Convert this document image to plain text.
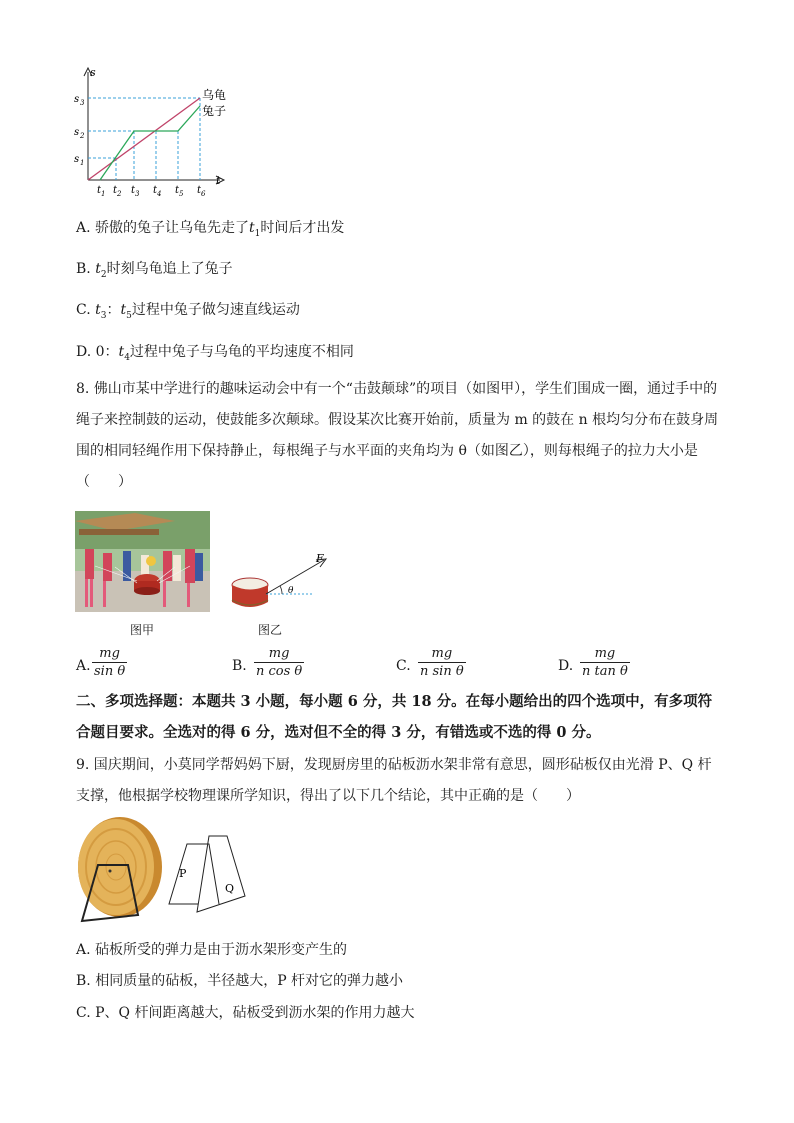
s
t
s 3
s 2
s 1
t 1 t 2 t 3 t 4 t 5 t 6
乌龟
兔子
A. 骄傲的兔子让乌龟先走了$t_1$时间后才出发
B. $t_2$时刻乌龟追上了兔子
C. $t_3$：$t_5$过程中兔子做匀速直线运动
D. 0：$t_4$过程中兔子与乌龟的平均速度不相同
8. 佛山市某中学进行的趣味运动会中有一个“击鼓颠球”的项目（如图甲），学生们围成一圈，通过手中的绳子来控制鼓的运动，使鼓能多次颠球。假设某次比赛开始前，质量为 m 的鼓在 n 根均匀分布在鼓身周围的相同轻绳作用下保持静止，每根绳子与水平面的夹角均为 θ（如图乙），则每根绳子的拉力大小是（　　）
图甲
F
θ
图乙
A.
mg
sin θ	B.
mg
n cos θ	C.
mg
n sin θ	D.
mg
n tan θ
二、多项选择题：本题共 3 小题，每小题 6 分，共 18 分。在每小题给出的四个选项中，有多项符合题目要求。全选对的得 6 分，选对但不全的得 3 分，有错选或不选的得 0 分。
9. 国庆期间，小莫同学帮妈妈下厨，发现厨房里的砧板沥水架非常有意思，圆形砧板仅由光滑 P、Q 杆支撑，他根据学校物理课所学知识，得出了以下几个结论，其中正确的是（　　）
P
Q
A. 砧板所受的弹力是由于沥水架形变产生的
B. 相同质量的砧板，半径越大，P 杆对它的弹力越小
C. P、Q 杆间距离越大，砧板受到沥水架的作用力越大
